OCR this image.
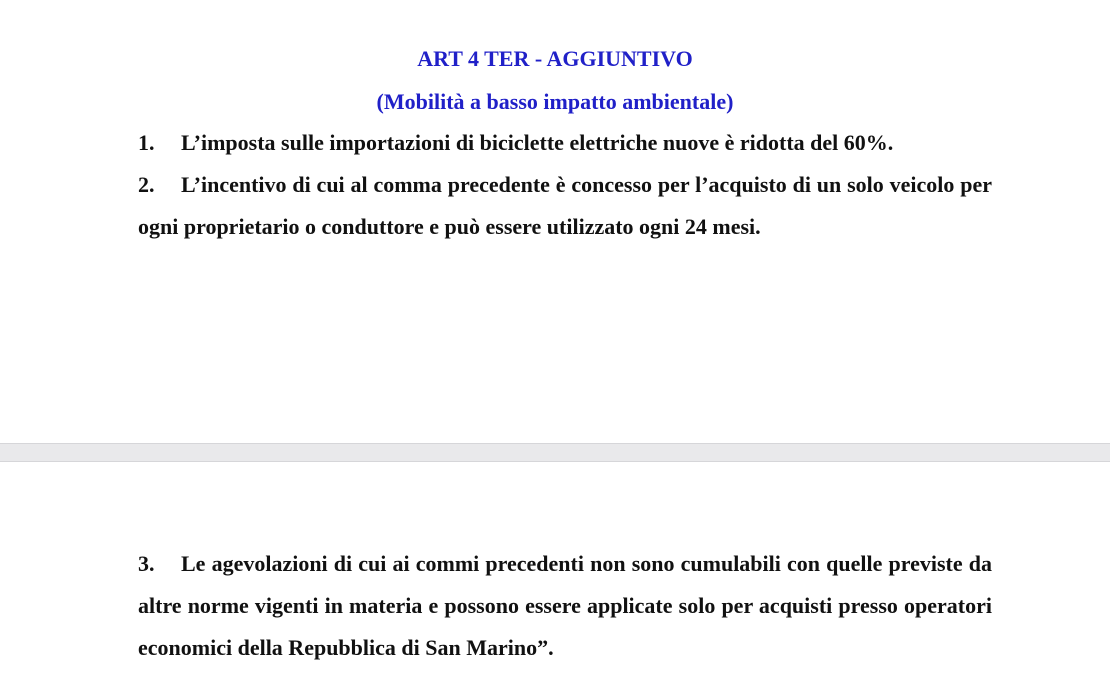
ART 4 TER - AGGIUNTIVO
(Mobilità a basso impatto ambientale)
1. L’imposta sulle importazioni di biciclette elettriche nuove è ridotta del 60%.
2. L’incentivo di cui al comma precedente è concesso per l’acquisto di un solo veicolo per ogni proprietario o conduttore e può essere utilizzato ogni 24 mesi.
3. Le agevolazioni di cui ai commi precedenti non sono cumulabili con quelle previste da altre norme vigenti in materia e possono essere applicate solo per acquisti presso operatori economici della Repubblica di San Marino”.
